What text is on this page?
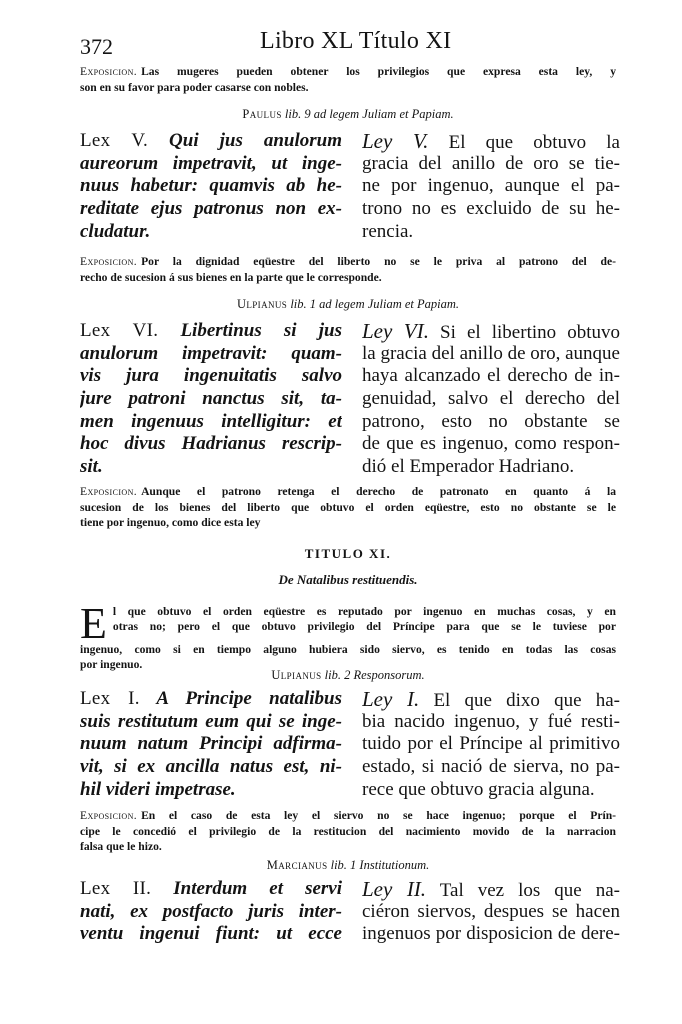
372	Libro XL Título XI
Exposicion. Las mugeres pueden obtener los privilegios que expresa esta ley, y
son en su favor para poder casarse con nobles.
Paulus lib. 9 ad legem Juliam et Papiam.
Lex V. Qui jus anulorum
aureorum impetravit, ut inge-
nuus habetur: quamvis ab he-
reditate ejus patronus non ex-
cludatur.
Ley V. El que obtuvo la
gracia del anillo de oro se tie-
ne por ingenuo, aunque el pa-
trono no es excluido de su he-
rencia.
Exposicion. Por la dignidad eqüestre del liberto no se le priva al patrono del de-
recho de sucesion á sus bienes en la parte que le corresponde.
Ulpianus lib. 1 ad legem Juliam et Papiam.
Lex VI. Libertinus si jus
anulorum impetravit: quam-
vis jura ingenuitatis salvo
jure patroni nanctus sit, ta-
men ingenuus intelligitur: et
hoc divus Hadrianus rescrip-
sit.
Ley VI. Si el libertino obtuvo
la gracia del anillo de oro, aunque
haya alcanzado el derecho de in-
genuidad, salvo el derecho del
patrono, esto no obstante se
de que es ingenuo, como respon-
dió el Emperador Hadriano.
Exposicion. Aunque el patrono retenga el derecho de patronato en quanto á la
sucesion de los bienes del liberto que obtuvo el orden eqüestre, esto no obstante se le
tiene por ingenuo, como dice esta ley
TITULO XI.
De Natalibus restituendis.
E l que obtuvo el orden eqüestre es reputado por ingenuo en muchas cosas, y en
otras no; pero el que obtuvo privilegio del Príncipe para que se le tuviese por
ingenuo, como si en tiempo alguno hubiera sido siervo, es tenido en todas las cosas
por ingenuo.
Ulpianus lib. 2 Responsorum.
Lex I. A Principe natalibus
suis restitutum eum qui se inge-
nuum natum Principi adfirma-
vit, si ex ancilla natus est, ni-
hil videri impetrase.
Ley I. El que dixo que ha-
bia nacido ingenuo, y fué resti-
tuido por el Príncipe al primitivo
estado, si nació de sierva, no pa-
rece que obtuvo gracia alguna.
Exposicion. En el caso de esta ley el siervo no se hace ingenuo; porque el Prín-
cipe le concedió el privilegio de la restitucion del nacimiento movido de la narracion
falsa que le hizo.
Marcianus lib. 1 Institutionum.
Lex II. Interdum et servi
nati, ex postfacto juris inter-
ventu ingenui fiunt: ut ecce
Ley II. Tal vez los que na-
ciéron siervos, despues se hacen
ingenuos por disposicion de dere-
